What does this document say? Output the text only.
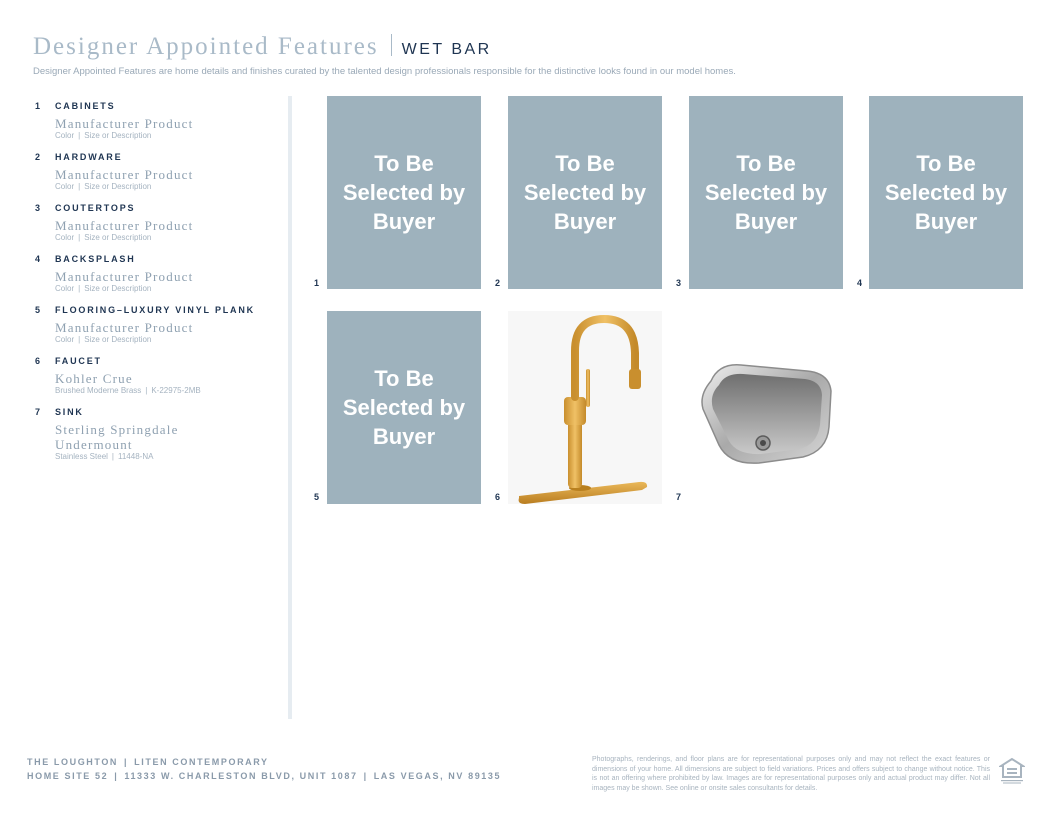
Designer Appointed Features WET BAR
Designer Appointed Features are home details and finishes curated by the talented design professionals responsible for the distinctive looks found in our model homes.
1 CABINETS
Manufacturer Product
Color | Size or Description
2 HARDWARE
Manufacturer Product
Color | Size or Description
3 COUTERTOPS
Manufacturer Product
Color | Size or Description
4 BACKSPLASH
Manufacturer Product
Color | Size or Description
5 FLOORING–LUXURY VINYL PLANK
Manufacturer Product
Color | Size or Description
6 FAUCET
Kohler Crue
Brushed Moderne Brass | K-22975-2MB
7 SINK
Sterling Springdale Undermount
Stainless Steel | 11448-NA
1
To Be Selected by Buyer
2
To Be Selected by Buyer
3
To Be Selected by Buyer
4
To Be Selected by Buyer
5
To Be Selected by Buyer
6	7
THE LOUGHTON | LITEN CONTEMPORARY
HOME SITE 52 | 11333 W. CHARLESTON BLVD, UNIT 1087 | LAS VEGAS, NV 89135
Photographs, renderings, and floor plans are for representational purposes only and may not reflect the exact features or dimensions of your home. All dimensions are subject to field variations. Prices and offers subject to change without notice. This is not an offering where prohibited by law. Images are for representational purposes only and actual product may differ. Not all images may be shown. See online or onsite sales consultants for details.
